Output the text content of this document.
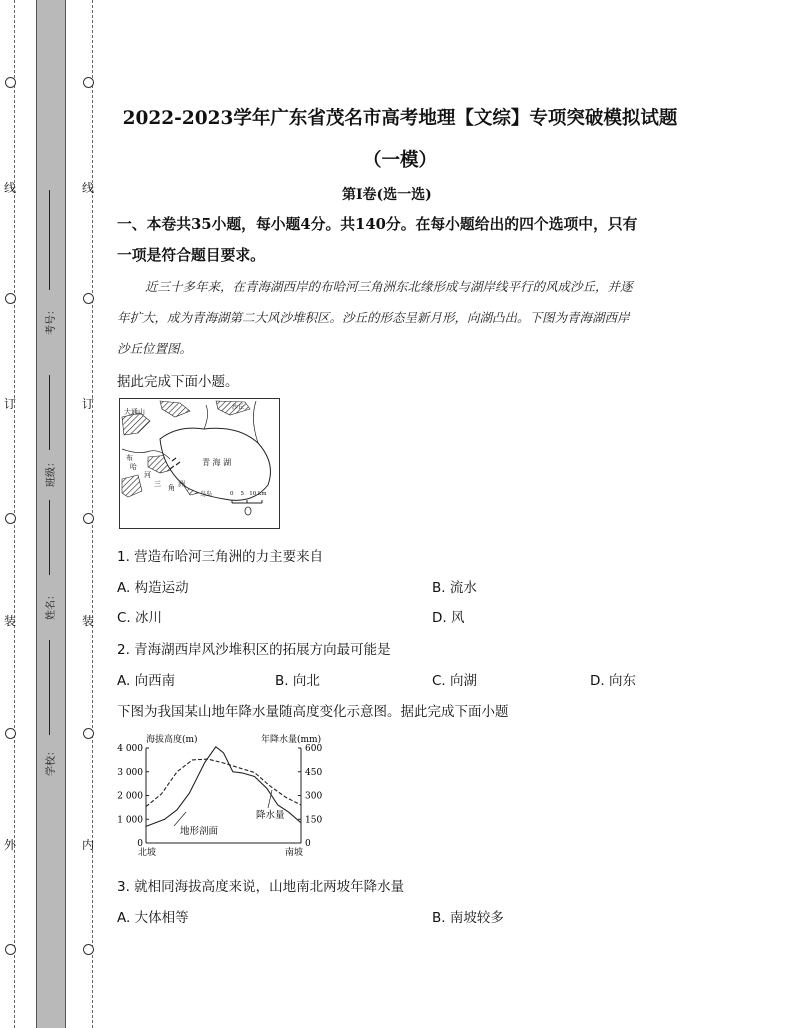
线
订
装
外
线
订
装
内
考号：
班级：
姓名：
学校：
2022-2023学年广东省茂名市高考地理【文综】专项突破模拟试题
（一模）
第I卷(选一选)
一、本卷共35小题，每小题4分。共140分。在每小题给出的四个选项中，只有
一项是符合题目要求。
近三十多年来，在青海湖西岸的布哈河三角洲东北缘形成与湖岸线平行的风成沙丘，并逐
年扩大，成为青海湖第二大风沙堆积区。沙丘的形态呈新月形，向湖凸出。下图为青海湖西岸
沙丘位置图。
据此完成下面小题。
大通山
沙丘
布
哈
河
青 海 湖
三 角 洲
鸟岛	0    5   10 km
1. 营造布哈河三角洲的力主要来自
A. 构造运动	B. 流水
C. 冰川	D. 风
2. 青海湖西岸风沙堆积区的拓展方向最可能是
A. 向西南	B. 向北	C. 向湖	D. 向东
下图为我国某山地年降水量随高度变化示意图。据此完成下面小题
海拔高度(m)	年降水量(mm)
4 000
3 000
2 000
1 000
0
600
450
300
150
0
北坡	南坡
地形剖面
降水量
3. 就相同海拔高度来说，山地南北两坡年降水量
A. 大体相等	B. 南坡较多
